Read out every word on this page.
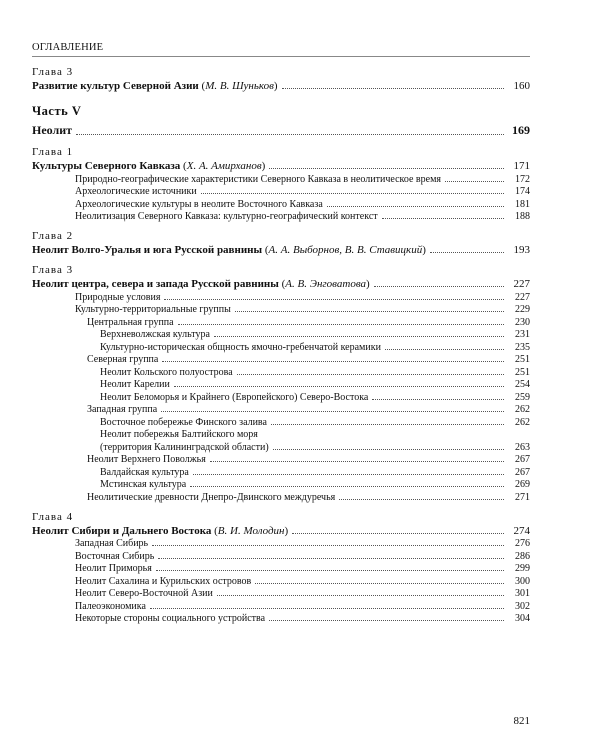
ОГЛАВЛЕНИЕ
Глава 3
Развитие культур Северной Азии (М. В. Шуньков)	160
Часть V
Неолит	169
Глава 1
Культуры Северного Кавказа (Х. А. Амирханов)	171
Природно-географические характеристики Северного Кавказа в неолитическое время	172
Археологические источники	174
Археологические культуры в неолите Восточного Кавказа	181
Неолитизация Северного Кавказа: культурно-географический контекст	188
Глава 2
Неолит Волго-Уралья и юга Русской равнины (А. А. Выборнов, В. В. Ставицкий)	193
Глава 3
Неолит центра, севера и запада Русской равнины (А. В. Энговатова)	227
Природные условия	227
Культурно-территориальные группы	229
Центральная группа	230
Верхневолжская культура	231
Культурно-историческая общность ямочно-гребенчатой керамики	235
Северная группа	251
Неолит Кольского полуострова	251
Неолит Карелии	254
Неолит Беломорья и Крайнего (Европейского) Северо-Востока	259
Западная группа	262
Восточное побережье Финского залива	262
Неолит побережья Балтийского моря
(территория Калининградской области)	263
Неолит Верхнего Поволжья	267
Валдайская культура	267
Мстинская культура	269
Неолитические древности Днепро-Двинского междуречья	271
Глава 4
Неолит Сибири и Дальнего Востока (В. И. Молодин)	274
Западная Сибирь	276
Восточная Сибирь	286
Неолит Приморья	299
Неолит Сахалина и Курильских островов	300
Неолит Северо-Восточной Азии	301
Палеоэкономика	302
Некоторые стороны социального устройства	304
821
